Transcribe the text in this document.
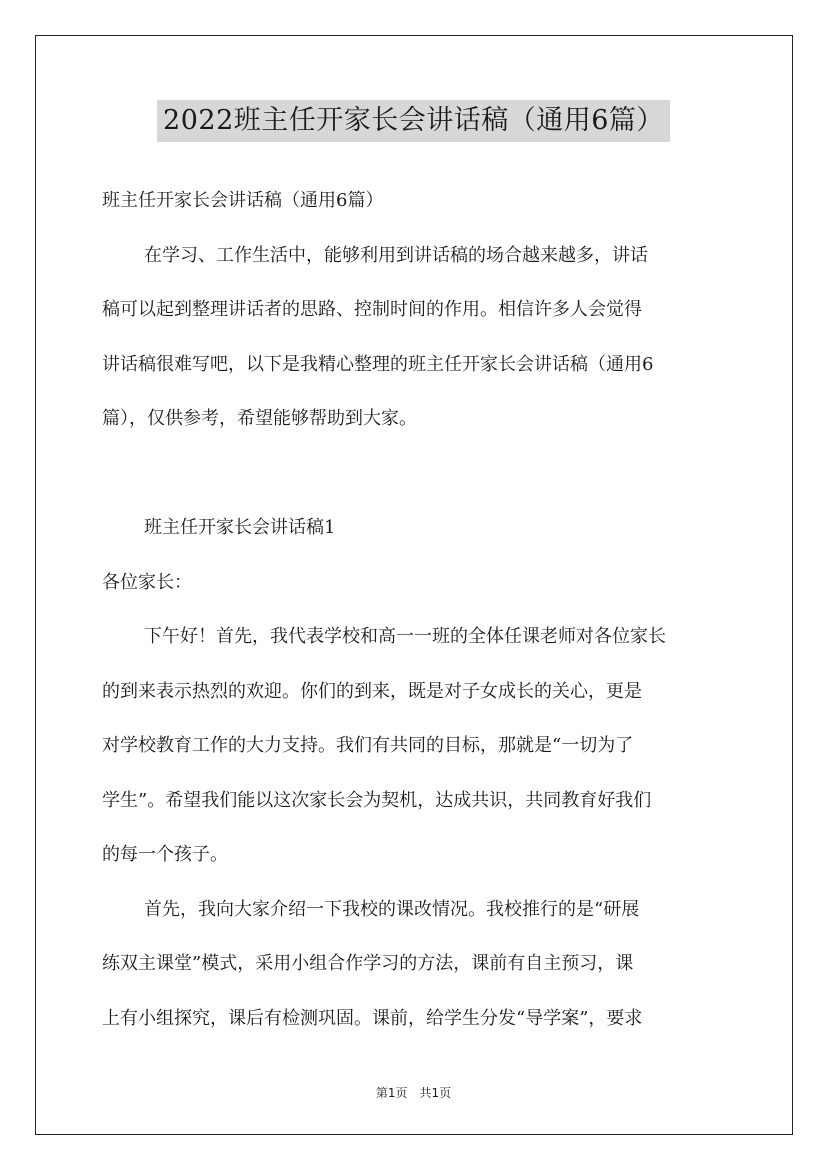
2022班主任开家长会讲话稿（通用6篇）
班主任开家长会讲话稿（通用6篇）
在学习、工作生活中，能够利用到讲话稿的场合越来越多，讲话
稿可以起到整理讲话者的思路、控制时间的作用。相信许多人会觉得
讲话稿很难写吧，以下是我精心整理的班主任开家长会讲话稿（通用6
篇），仅供参考，希望能够帮助到大家。
班主任开家长会讲话稿1
各位家长：
下午好！首先，我代表学校和高一一班的全体任课老师对各位家长
的到来表示热烈的欢迎。你们的到来，既是对子女成长的关心，更是
对学校教育工作的大力支持。我们有共同的目标，那就是“一切为了
学生”。希望我们能以这次家长会为契机，达成共识，共同教育好我们
的每一个孩子。
首先，我向大家介绍一下我校的课改情况。我校推行的是“研展
练双主课堂”模式，采用小组合作学习的方法，课前有自主预习，课
上有小组探究，课后有检测巩固。课前，给学生分发“导学案”，要求
第1页　共1页
